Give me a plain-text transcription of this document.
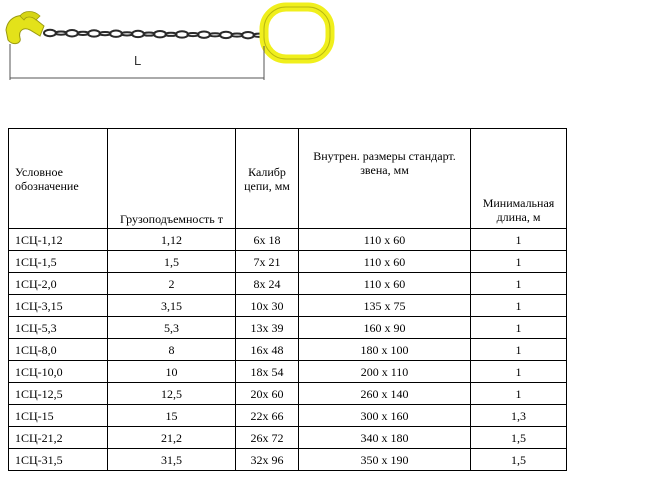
L
Условное обозначение	Грузоподъемность т	Калибр цепи, мм	Внутрен. размеры стандарт. звена, мм	Минимальная длина, м
1СЦ-1,12	1,12	6х 18	110 х 60	1
1СЦ-1,5	1,5	7х 21	110 х 60	1
1СЦ-2,0	2	8х 24	110 х 60	1
1СЦ-3,15	3,15	10х 30	135 х 75	1
1СЦ-5,3	5,3	13х 39	160 х 90	1
1СЦ-8,0	8	16х 48	180 х 100	1
1СЦ-10,0	10	18х 54	200 х 110	1
1СЦ-12,5	12,5	20х 60	260 х 140	1
1СЦ-15	15	22х 66	300 х 160	1,3
1СЦ-21,2	21,2	26х 72	340 х 180	1,5
1СЦ-31,5	31,5	32х 96	350 х 190	1,5
